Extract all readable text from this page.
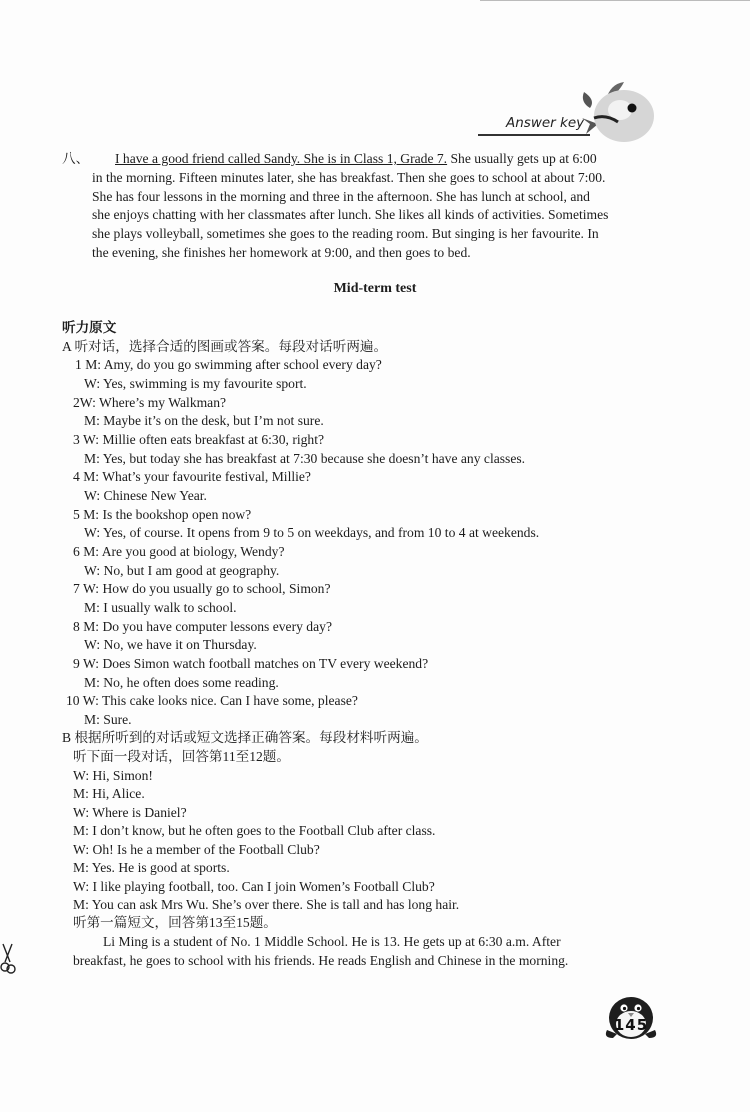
Answer key
八、 I have a good friend called Sandy. She is in Class 1, Grade 7. She usually gets up at 6:00
in the morning. Fifteen minutes later, she has breakfast. Then she goes to school at about 7:00.
She has four lessons in the morning and three in the afternoon. She has lunch at school, and
she enjoys chatting with her classmates after lunch. She likes all kinds of activities. Sometimes
she plays volleyball, sometimes she goes to the reading room. But singing is her favourite. In
the evening, she finishes her homework at 9:00, and then goes to bed.
Mid-term test
听力原文
A 听对话，选择合适的图画或答案。每段对话听两遍。
1 M: Amy, do you go swimming after school every day?
W: Yes, swimming is my favourite sport.
2W: Where’s my Walkman?
M: Maybe it’s on the desk, but I’m not sure.
3 W: Millie often eats breakfast at 6:30, right?
M: Yes, but today she has breakfast at 7:30 because she doesn’t have any classes.
4 M: What’s your favourite festival, Millie?
W: Chinese New Year.
5 M: Is the bookshop open now?
W: Yes, of course. It opens from 9 to 5 on weekdays, and from 10 to 4 at weekends.
6 M: Are you good at biology, Wendy?
W: No, but I am good at geography.
7 W: How do you usually go to school, Simon?
M: I usually walk to school.
8 M: Do you have computer lessons every day?
W: No, we have it on Thursday.
9 W: Does Simon watch football matches on TV every weekend?
M: No, he often does some reading.
10 W: This cake looks nice. Can I have some, please?
M: Sure.
B 根据所听到的对话或短文选择正确答案。每段材料听两遍。
听下面一段对话，回答第11至12题。
W: Hi, Simon!
M: Hi, Alice.
W: Where is Daniel?
M: I don’t know, but he often goes to the Football Club after class.
W: Oh! Is he a member of the Football Club?
M: Yes. He is good at sports.
W: I like playing football, too. Can I join Women’s Football Club?
M: You can ask Mrs Wu. She’s over there. She is tall and has long hair.
听第一篇短文，回答第13至15题。
Li Ming is a student of No. 1 Middle School. He is 13. He gets up at 6:30 a.m. After
breakfast, he goes to school with his friends. He reads English and Chinese in the morning.
145
